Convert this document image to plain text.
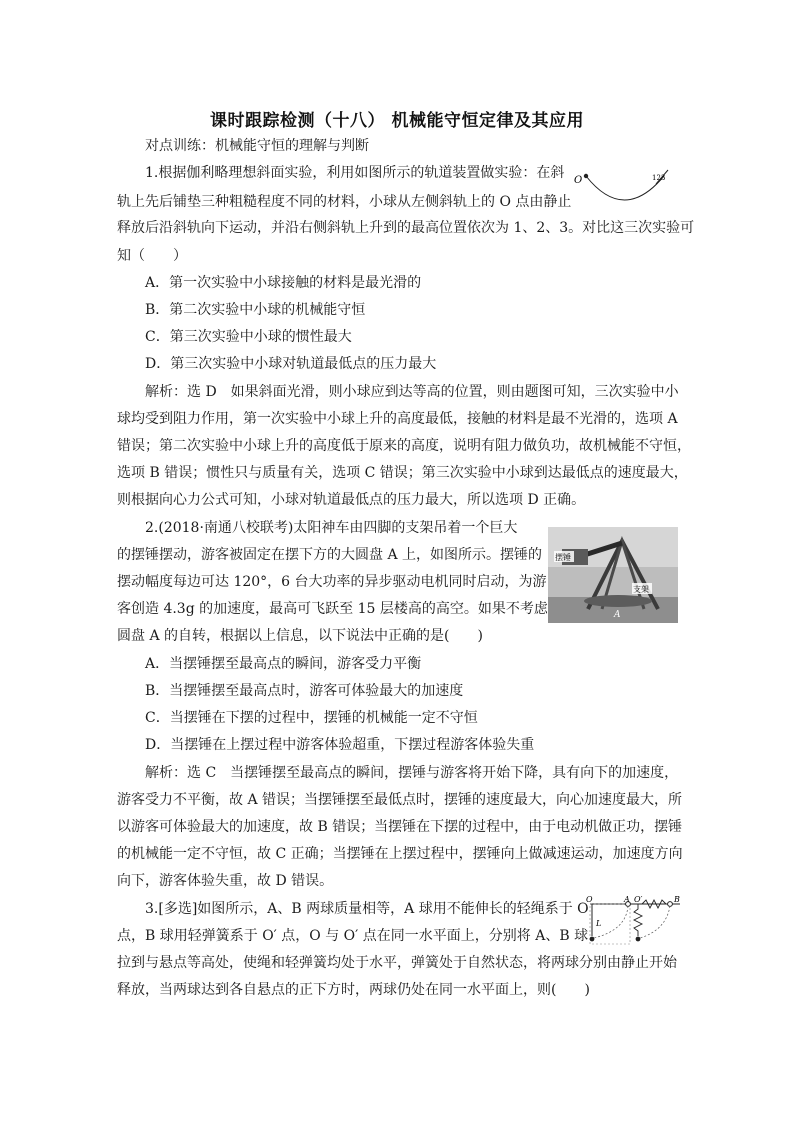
课时跟踪检测（十八） 机械能守恒定律及其应用
对点训练：机械能守恒的理解与判断
1.根据伽利略理想斜面实验，利用如图所示的轨道装置做实验：在斜
轨上先后铺垫三种粗糙程度不同的材料，小球从左侧斜轨上的 O 点由静止
释放后沿斜轨向下运动，并沿右侧斜轨上升到的最高位置依次为 1、2、3。对比这三次实验可
知（　　）
O	123
A．第一次实验中小球接触的材料是最光滑的
B．第二次实验中小球的机械能守恒
C．第三次实验中小球的惯性最大
D．第三次实验中小球对轨道最低点的压力最大
解析：选 D　如果斜面光滑，则小球应到达等高的位置，则由题图可知，三次实验中小
球均受到阻力作用，第一次实验中小球上升的高度最低，接触的材料是最不光滑的，选项 A
错误；第二次实验中小球上升的高度低于原来的高度，说明有阻力做负功，故机械能不守恒，
选项 B 错误；惯性只与质量有关，选项 C 错误；第三次实验中小球到达最低点的速度最大，
则根据向心力公式可知，小球对轨道最低点的压力最大，所以选项 D 正确。
2.(2018·南通八校联考)太阳神车由四脚的支架吊着一个巨大
的摆锤摆动，游客被固定在摆下方的大圆盘 A 上，如图所示。摆锤的
摆动幅度每边可达 120°，6 台大功率的异步驱动电机同时启动，为游
客创造 4.3g 的加速度，最高可飞跃至 15 层楼高的高空。如果不考虑
圆盘 A 的自转，根据以上信息，以下说法中正确的是(　　)
摆锤
支架
A
A．当摆锤摆至最高点的瞬间，游客受力平衡
B．当摆锤摆至最高点时，游客可体验最大的加速度
C．当摆锤在下摆的过程中，摆锤的机械能一定不守恒
D．当摆锤在上摆过程中游客体验超重，下摆过程游客体验失重
解析：选 C　当摆锤摆至最高点的瞬间，摆锤与游客将开始下降，具有向下的加速度，
游客受力不平衡，故 A 错误；当摆锤摆至最低点时，摆锤的速度最大，向心加速度最大，所
以游客可体验最大的加速度，故 B 错误；当摆锤在下摆的过程中，由于电动机做正功，摆锤
的机械能一定不守恒，故 C 正确；当摆锤在上摆过程中，摆锤向上做减速运动，加速度方向
向下，游客体验失重，故 D 错误。
3.[多选]如图所示，A、B 两球质量相等，A 球用不能伸长的轻绳系于 O
点，B 球用轻弹簧系于 O′ 点，O 与 O′ 点在同一水平面上，分别将 A、B 球
拉到与悬点等高处，使绳和轻弹簧均处于水平，弹簧处于自然状态，将两球分别由静止开始
释放，当两球达到各自悬点的正下方时，两球仍处在同一水平面上，则(　　)
O	A O′	B
L
